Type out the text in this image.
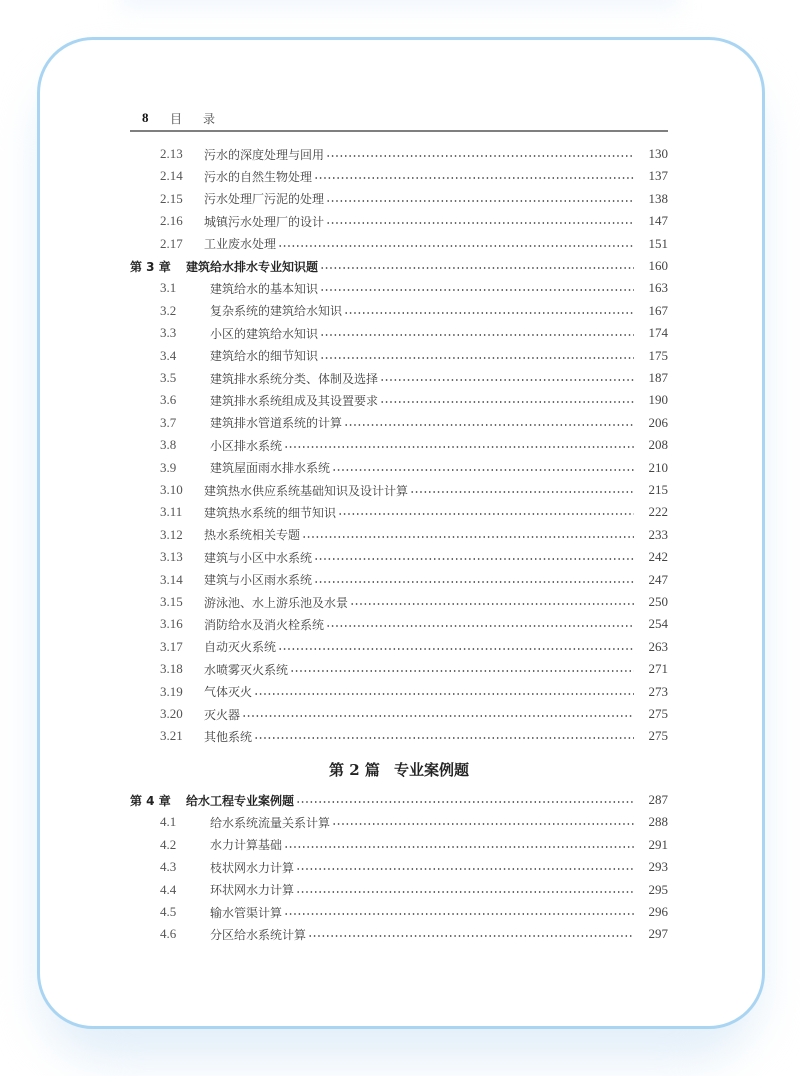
8 目 录
2.13	污水的深度处理与回用	130
2.14	污水的自然生物处理	137
2.15	污水处理厂污泥的处理	138
2.16	城镇污水处理厂的设计	147
2.17	工业废水处理	151
第 3 章	建筑给水排水专业知识题	160
3.1	建筑给水的基本知识	163
3.2	复杂系统的建筑给水知识	167
3.3	小区的建筑给水知识	174
3.4	建筑给水的细节知识	175
3.5	建筑排水系统分类、体制及选择	187
3.6	建筑排水系统组成及其设置要求	190
3.7	建筑排水管道系统的计算	206
3.8	小区排水系统	208
3.9	建筑屋面雨水排水系统	210
3.10	建筑热水供应系统基础知识及设计计算	215
3.11	建筑热水系统的细节知识	222
3.12	热水系统相关专题	233
3.13	建筑与小区中水系统	242
3.14	建筑与小区雨水系统	247
3.15	游泳池、水上游乐池及水景	250
3.16	消防给水及消火栓系统	254
3.17	自动灭火系统	263
3.18	水喷雾灭火系统	271
3.19	气体灭火	273
3.20	灭火器	275
3.21	其他系统	275
第 2 篇 专业案例题
第 4 章	给水工程专业案例题	287
4.1	给水系统流量关系计算	288
4.2	水力计算基础	291
4.3	枝状网水力计算	293
4.4	环状网水力计算	295
4.5	输水管渠计算	296
4.6	分区给水系统计算	297
